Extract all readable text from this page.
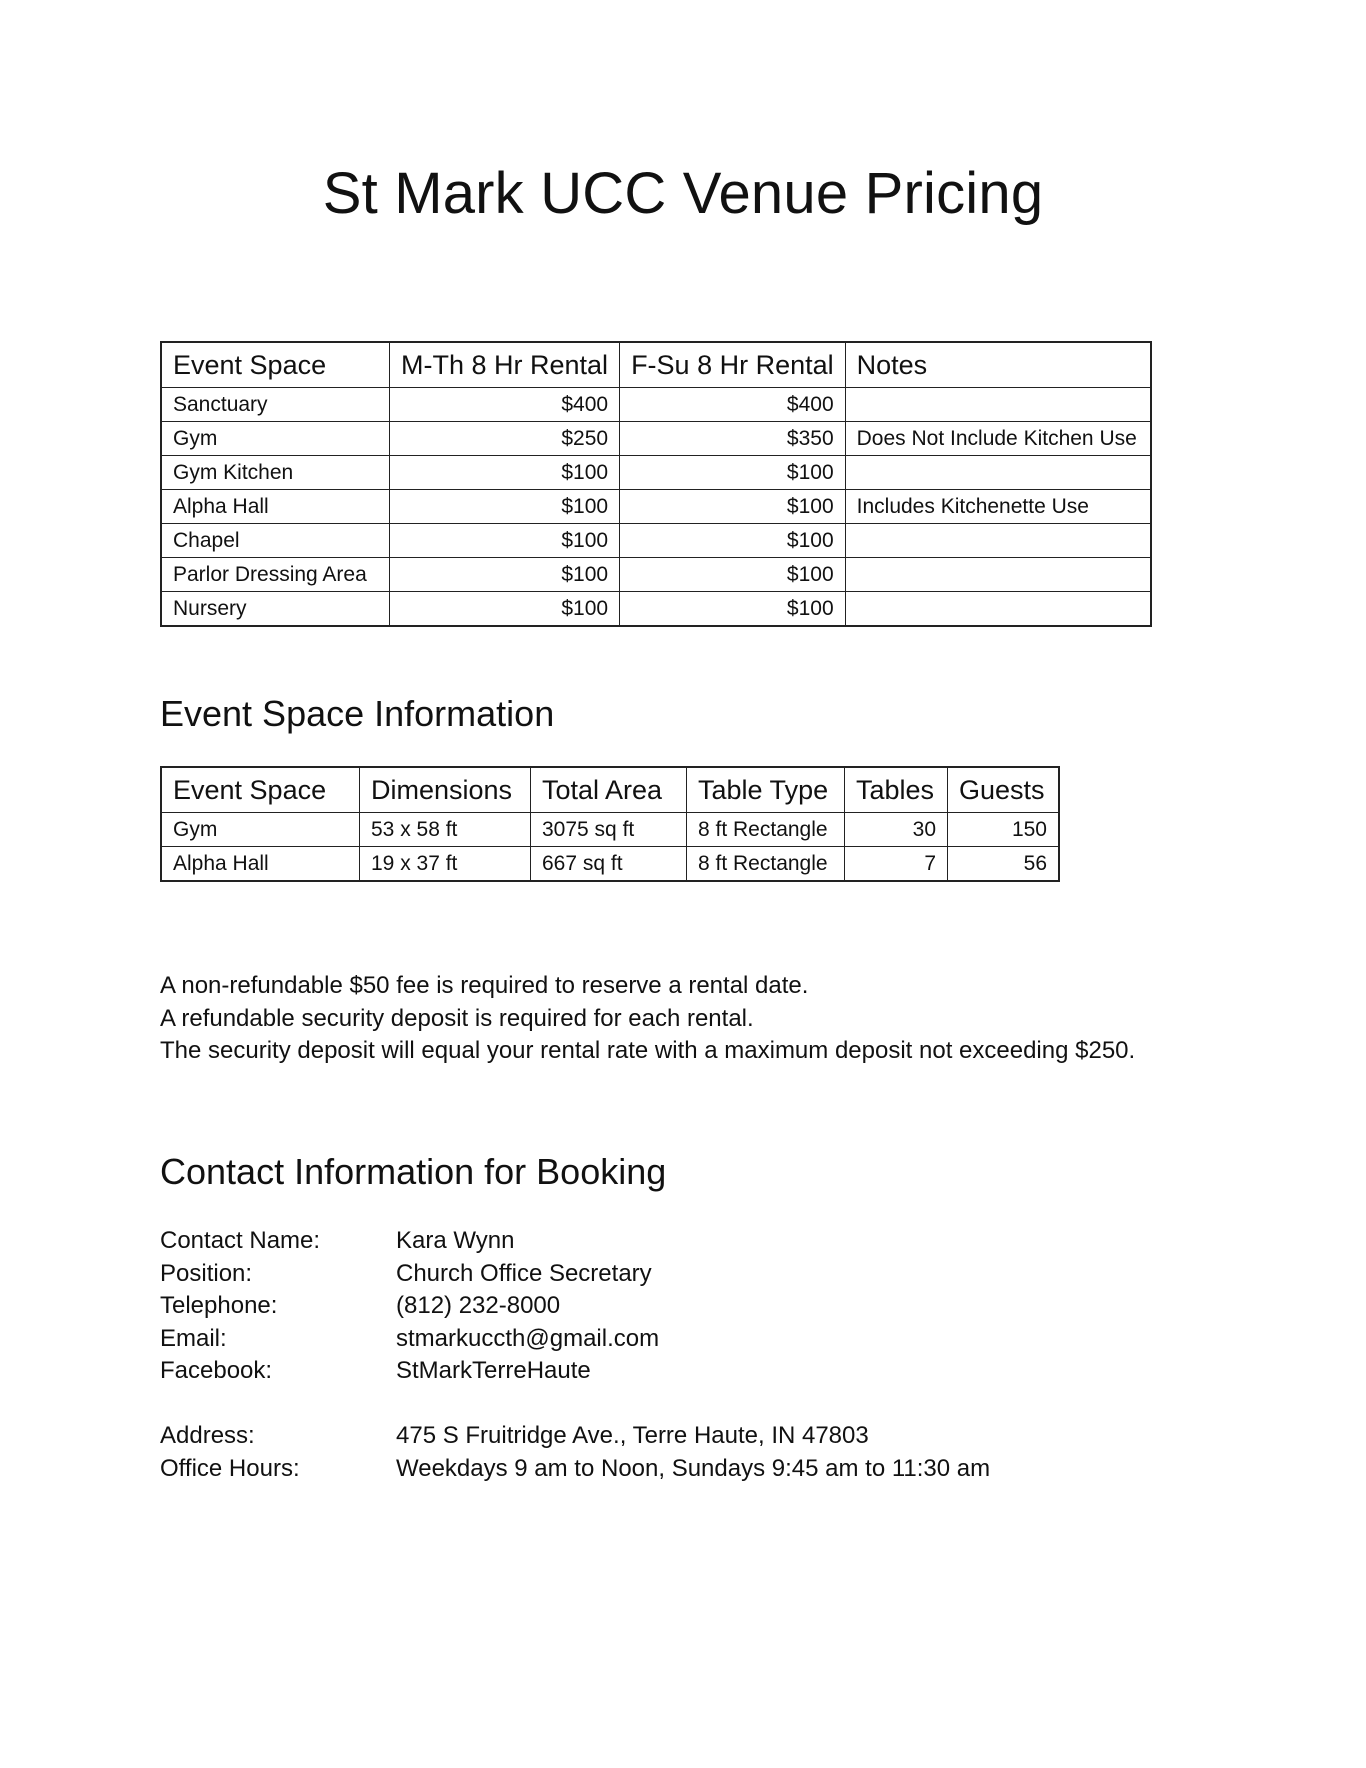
St Mark UCC Venue Pricing
Event Space	M-Th 8 Hr Rental	F-Su 8 Hr Rental	Notes
Sanctuary	$400	$400	
Gym	$250	$350	Does Not Include Kitchen Use
Gym Kitchen	$100	$100	
Alpha Hall	$100	$100	Includes Kitchenette Use
Chapel	$100	$100	
Parlor Dressing Area	$100	$100	
Nursery	$100	$100	
Event Space Information
Event Space	Dimensions	Total Area	Table Type	Tables	Guests
Gym	53 x 58 ft	3075 sq ft	8 ft Rectangle	30	150
Alpha Hall	19 x 37 ft	667 sq ft	8 ft Rectangle	7	56

A non-refundable $50 fee is required to reserve a rental date.

A refundable security deposit is required for each rental.

The security deposit will equal your rental rate with a maximum deposit not exceeding $250.

Contact Information for Booking
Contact Name:	Kara Wynn
Position:	Church Office Secretary
Telephone:	(812) 232-8000
Email:	stmarkuccth@gmail.com
Facebook:	StMarkTerreHaute
Address:	475 S Fruitridge Ave., Terre Haute, IN 47803
Office Hours:	Weekdays 9 am to Noon, Sundays 9:45 am to 11:30 am
